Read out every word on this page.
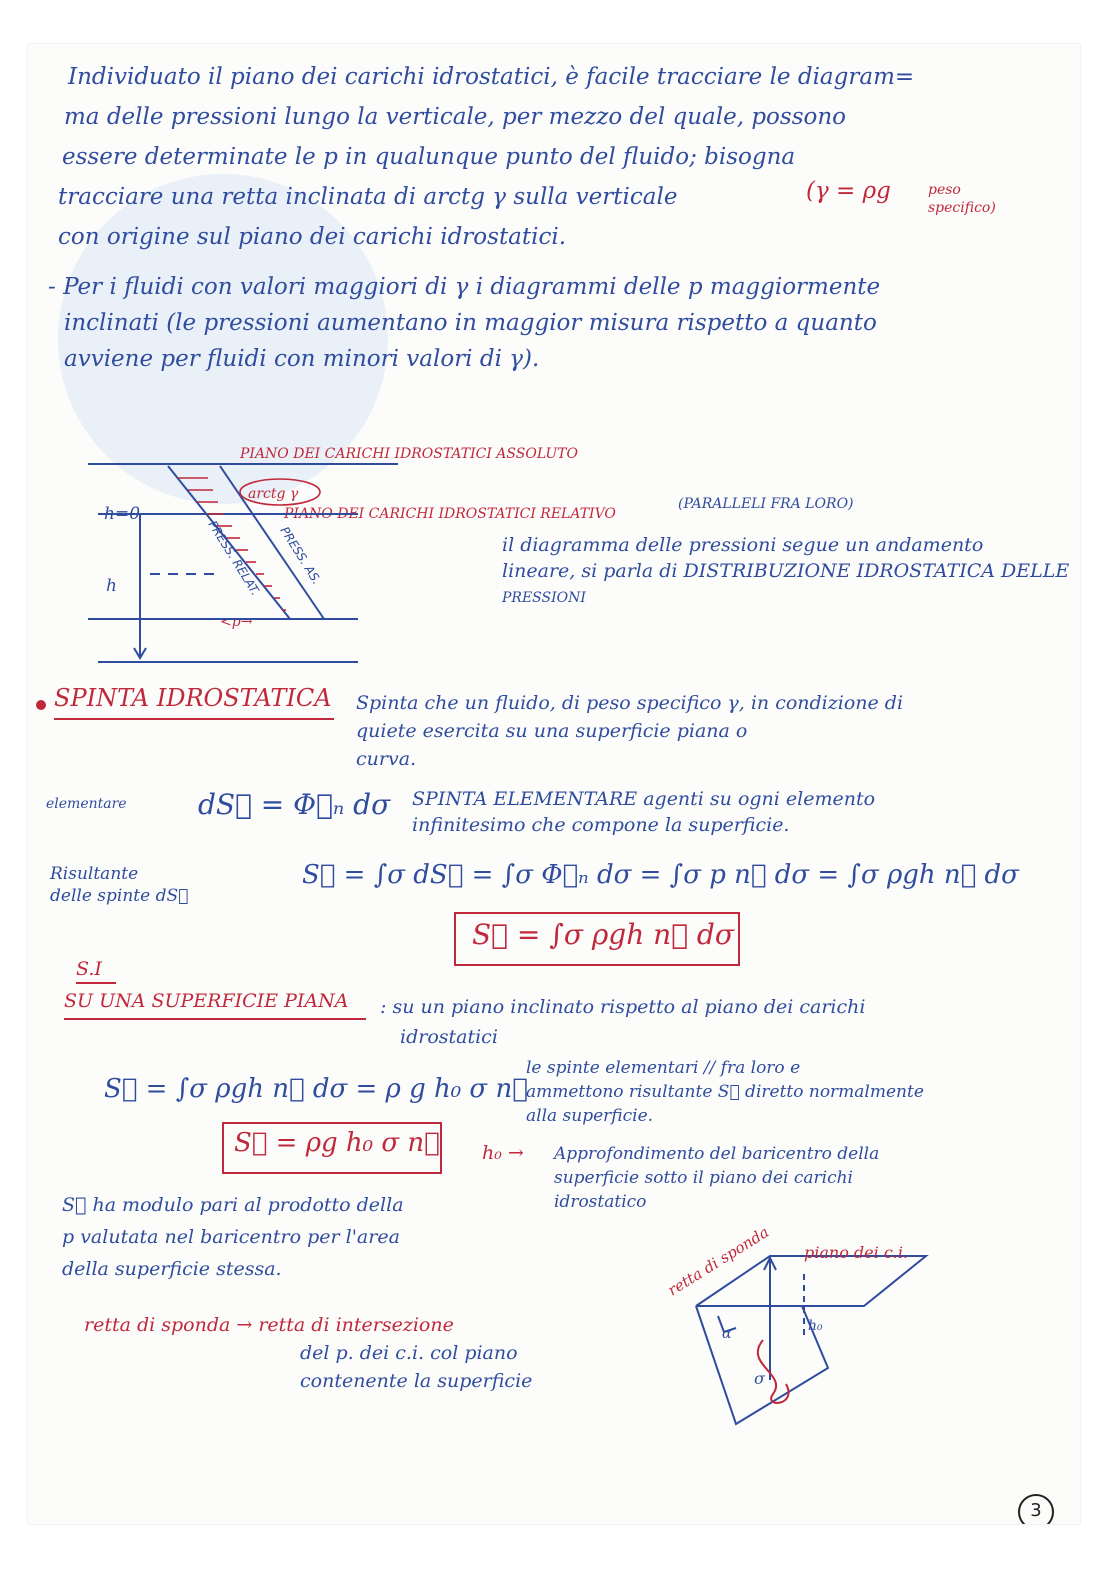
Individuato il piano dei carichi idrostatici, è facile tracciare le diagram=
ma delle pressioni lungo la verticale, per mezzo del quale, possono
essere determinate le p in qualunque punto del fluido; bisogna
tracciare una retta inclinata di arctg γ sulla verticale	(γ = ρg	peso
specifico)
con origine sul piano dei carichi idrostatici.
- Per i fluidi con valori maggiori di γ i diagrammi delle p maggiormente
inclinati (le pressioni aumentano in maggior misura rispetto a quanto
avviene per fluidi con minori valori di γ).
PIANO DEI CARICHI IDROSTATICI ASSOLUTO
arctg γ
PIANO DEI CARICHI IDROSTATICI RELATIVO
(PARALLELI FRA LORO)
h=0
h
<p→
PRESS. RELAT. PRESS. AS.	il diagramma delle pressioni segue un andamento
lineare, si parla di DISTRIBUZIONE IDROSTATICA DELLE
PRESSIONI
SPINTA IDROSTATICA Spinta che un fluido, di peso specifico γ, in condizione di
quiete esercita su una superficie piana o
curva.
elementare	dS⃗ = Φ⃗ₙ dσ SPINTA ELEMENTARE agenti su ogni elemento
infinitesimo che compone la superficie.
Risultante
delle spinte dS⃗
S⃗ = ∫σ dS⃗ = ∫σ Φ⃗ₙ dσ = ∫σ p n⃗ dσ = ∫σ ρgh n⃗ dσ
S⃗ = ∫σ ρgh n⃗ dσ
S.I
SU UNA SUPERFICIE PIANA : su un piano inclinato rispetto al piano dei carichi
idrostatici
S⃗ = ∫σ ρgh n⃗ dσ = ρ g h₀ σ n⃗
S⃗ = ρg h₀ σ n⃗
le spinte elementari // fra loro e
ammettono risultante S⃗ diretto normalmente
alla superficie.
h₀ → Approfondimento del baricentro della
superficie sotto il piano dei carichi
idrostatico
S⃗ ha modulo pari al prodotto della
p valutata nel baricentro per l'area
della superficie stessa.
retta di sponda → retta di intersezione
del p. dei c.i. col piano
contenente la superficie
retta di sponda piano dei c.i.
α	h₀
σ
3
